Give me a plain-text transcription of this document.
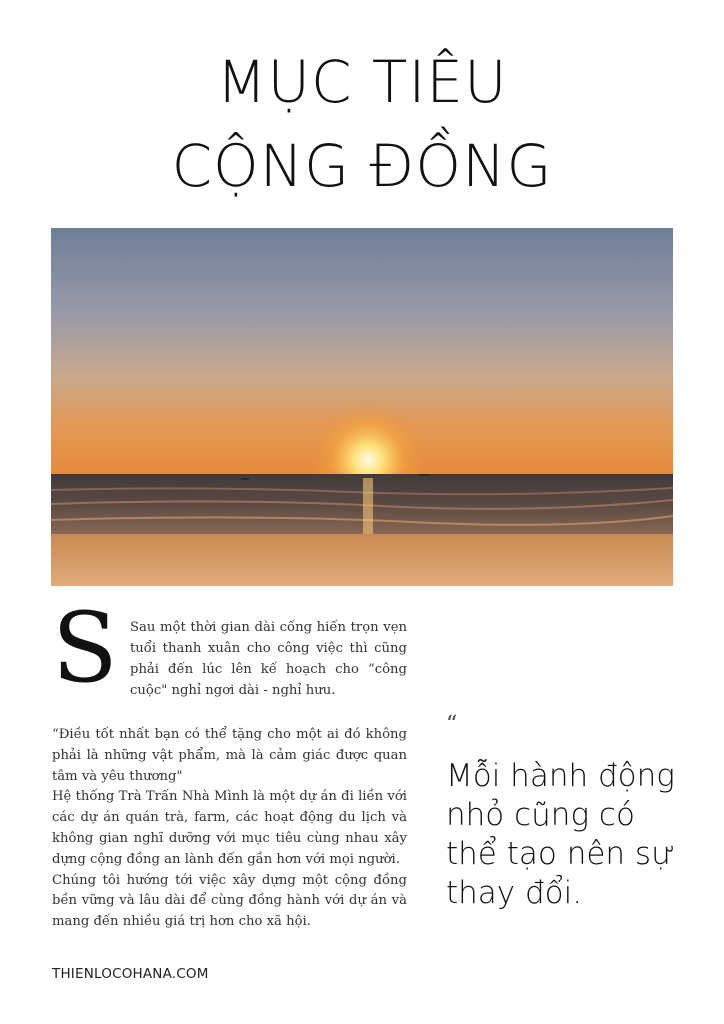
MỤC TIÊU
CỘNG ĐỒNG
S Sau một thời gian dài cống hiến trọn vẹn tuổi thanh xuân cho công việc thì cũng phải đến lúc lên kế hoạch cho “công cuộc" nghỉ ngơi dài - nghỉ hưu.

“Điều tốt nhất bạn có thể tặng cho một ai đó không phải là những vật phẩm, mà là cảm giác được quan tâm và yêu thương"

Hệ thống Trà Trấn Nhà Mình là một dự án đi liền với các dự án quán trà, farm, các hoạt động du lịch và không gian nghĩ dưỡng với mục tiêu cùng nhau xây dựng cộng đồng an lành đến gần hơn với mọi người.

Chúng tôi hướng tới việc xây dựng một cộng đồng bền vững và lâu dài để cùng đồng hành với dự án và mang đến nhiều giá trị hơn cho xã hội.

“
Mỗi hành động nhỏ cũng có thể tạo nên sự thay đổi.
THIENLOCOHANA.COM
